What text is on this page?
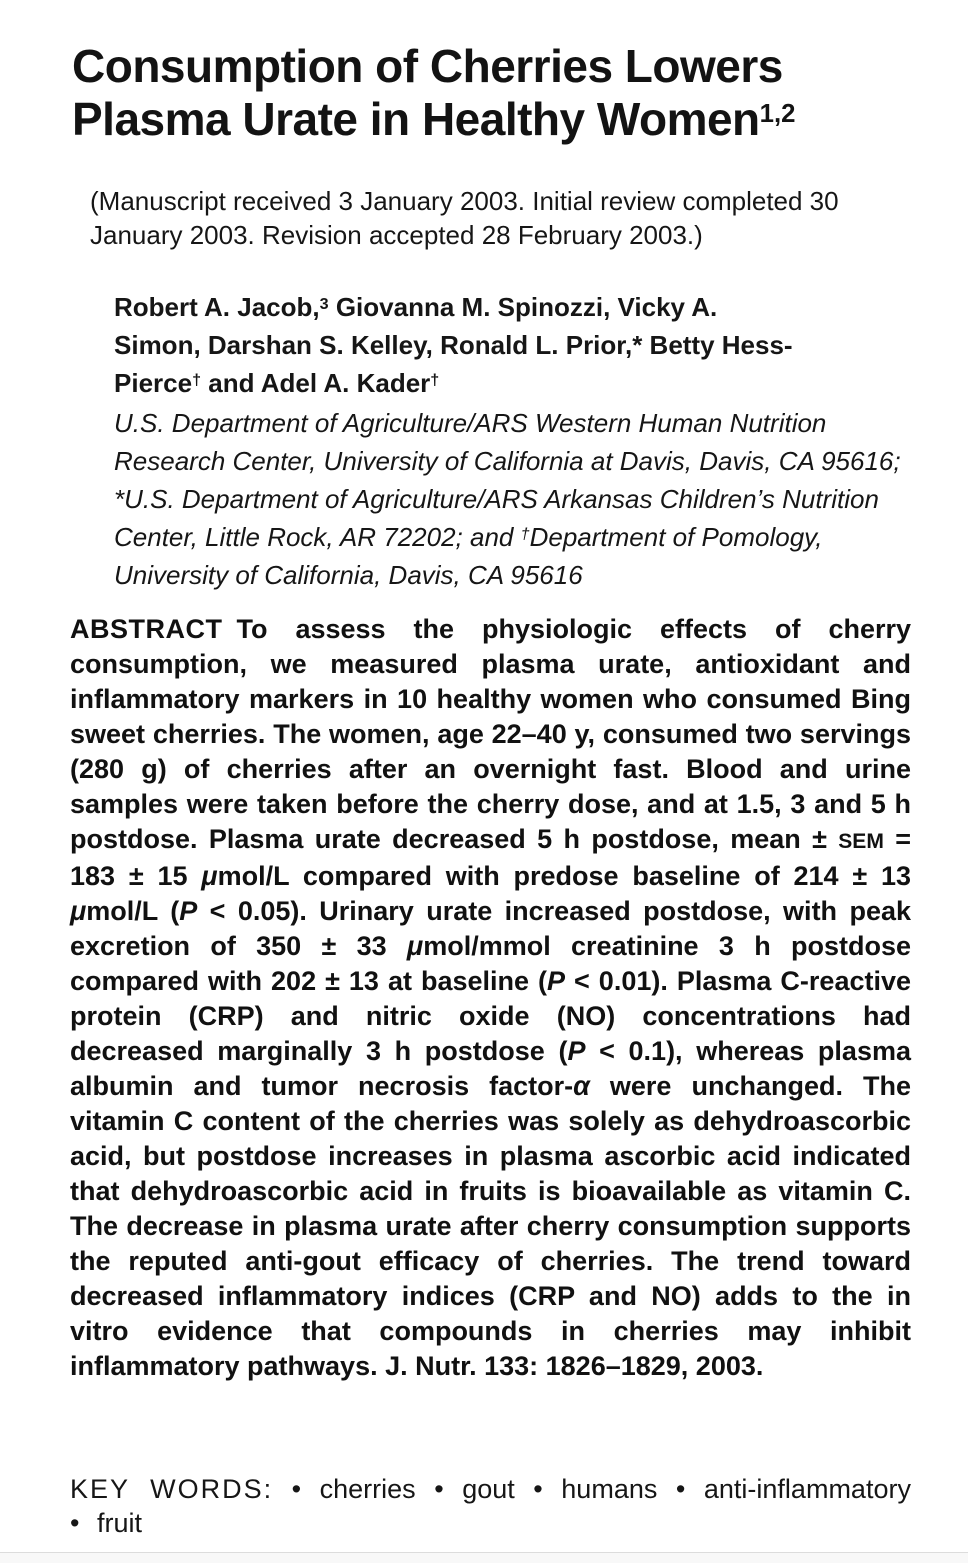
Consumption of Cherries Lowers
Plasma Urate in Healthy Women$^{1,2}$

(Manuscript received 3 January 2003. Initial review completed 30 January 2003. Revision accepted 28 February 2003.)

Robert A. Jacob,$^3$ Giovanna M. Spinozzi, Vicky A. Simon, Darshan S. Kelley, Ronald L. Prior,* Betty Hess-Pierce† and Adel A. Kader†

U.S. Department of Agriculture/ARS Western Human Nutrition Research Center, University of California at Davis, Davis, CA 95616; *U.S. Department of Agriculture/ARS Arkansas Children’s Nutrition Center, Little Rock, AR 72202; and †Department of Pomology, University of California, Davis, CA 95616

ABSTRACT To assess the physiologic effects of cherry consumption, we measured plasma urate, antioxidant and inflammatory markers in 10 healthy women who consumed Bing sweet cherries. The women, age 22–40 y, consumed two servings (280 g) of cherries after an overnight fast. Blood and urine samples were taken before the cherry dose, and at 1.5, 3 and 5 h postdose. Plasma urate decreased 5 h postdose, mean ± SEM = 183 ± 15 μmol/L compared with predose baseline of 214 ± 13 μmol/L (P < 0.05). Urinary urate increased postdose, with peak excretion of 350 ± 33 μmol/mmol creatinine 3 h postdose compared with 202 ± 13 at baseline (P < 0.01). Plasma C-reactive protein (CRP) and nitric oxide (NO) concentrations had decreased marginally 3 h postdose (P < 0.1), whereas plasma albumin and tumor necrosis factor-α were unchanged. The vitamin C content of the cherries was solely as dehydroascorbic acid, but postdose increases in plasma ascorbic acid indicated that dehydroascorbic acid in fruits is bioavailable as vitamin C. The decrease in plasma urate after cherry consumption supports the reputed anti-gout efficacy of cherries. The trend toward decreased inflammatory indices (CRP and NO) adds to the in vitro evidence that compounds in cherries may inhibit inflammatory pathways. J. Nutr. 133: 1826–1829, 2003.

KEY WORDS: • cherries • gout • humans • anti-inflammatory • fruit
